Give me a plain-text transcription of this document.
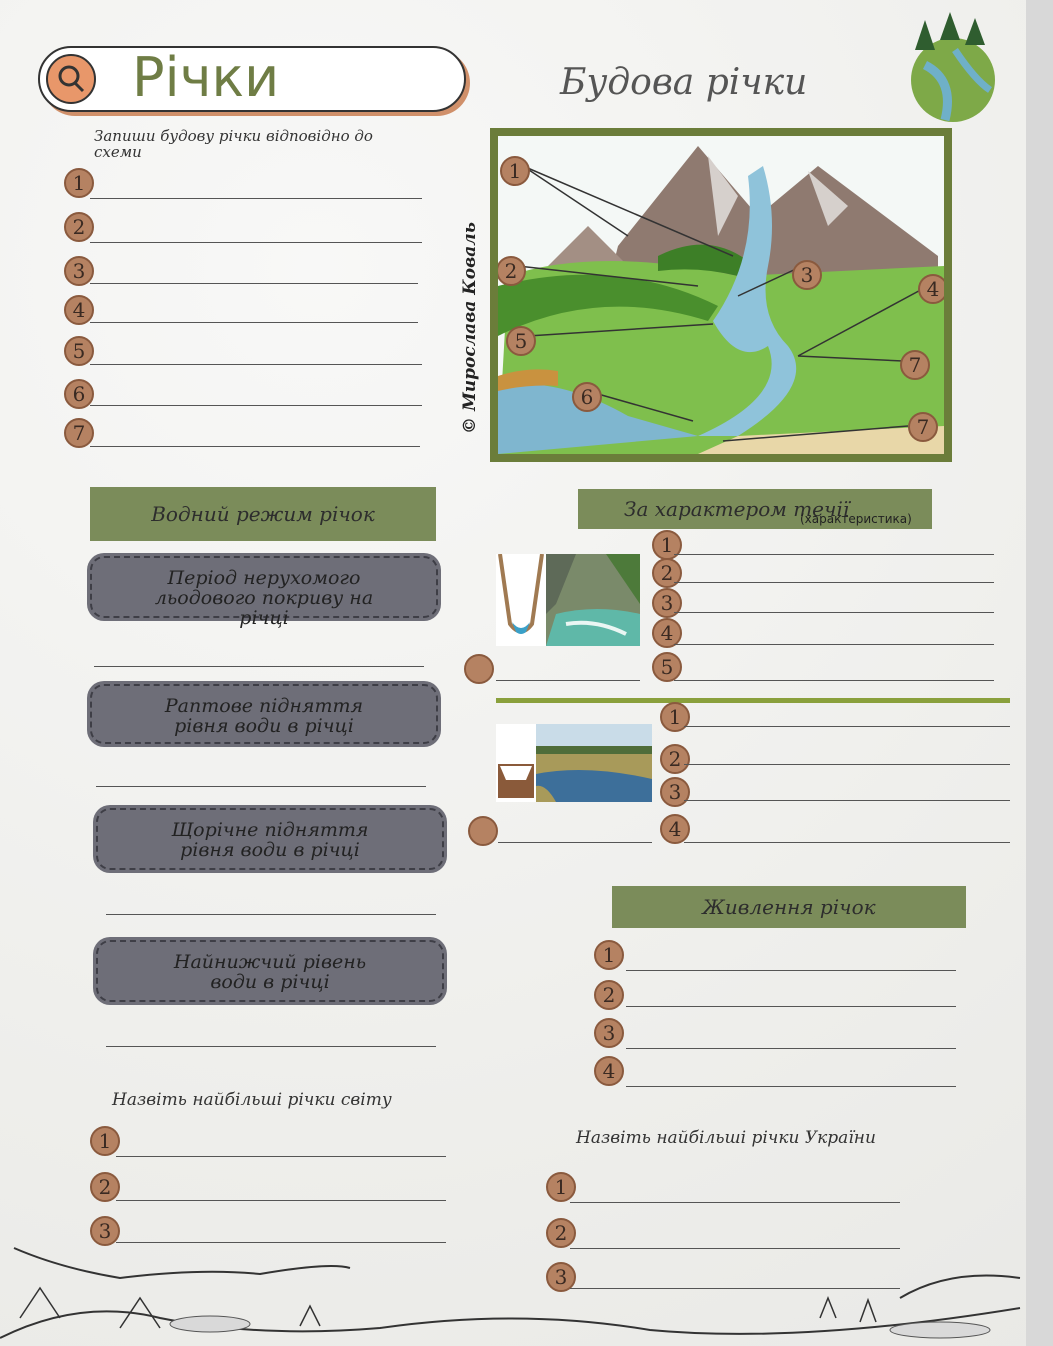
Річки	Будова річки
Запиши будову річки відповідно до схеми
1
2
3
4
5
6
7	© Мирослава Коваль
1
2	3
4
5
7
6
7
Водний режим річок
Період нерухомого льодового покриву на річці
Раптове підняття рівня води в річці
Щорічне підняття рівня води в річці
Найнижчий рівень води в річці
За характером течії
(характеристика)
1
2
3
4
5
1
2
3
4
Живлення річок
1
2
3
4
Назвіть найбільші річки світу
1
2
3
Назвіть найбільші річки України
1
2
3
